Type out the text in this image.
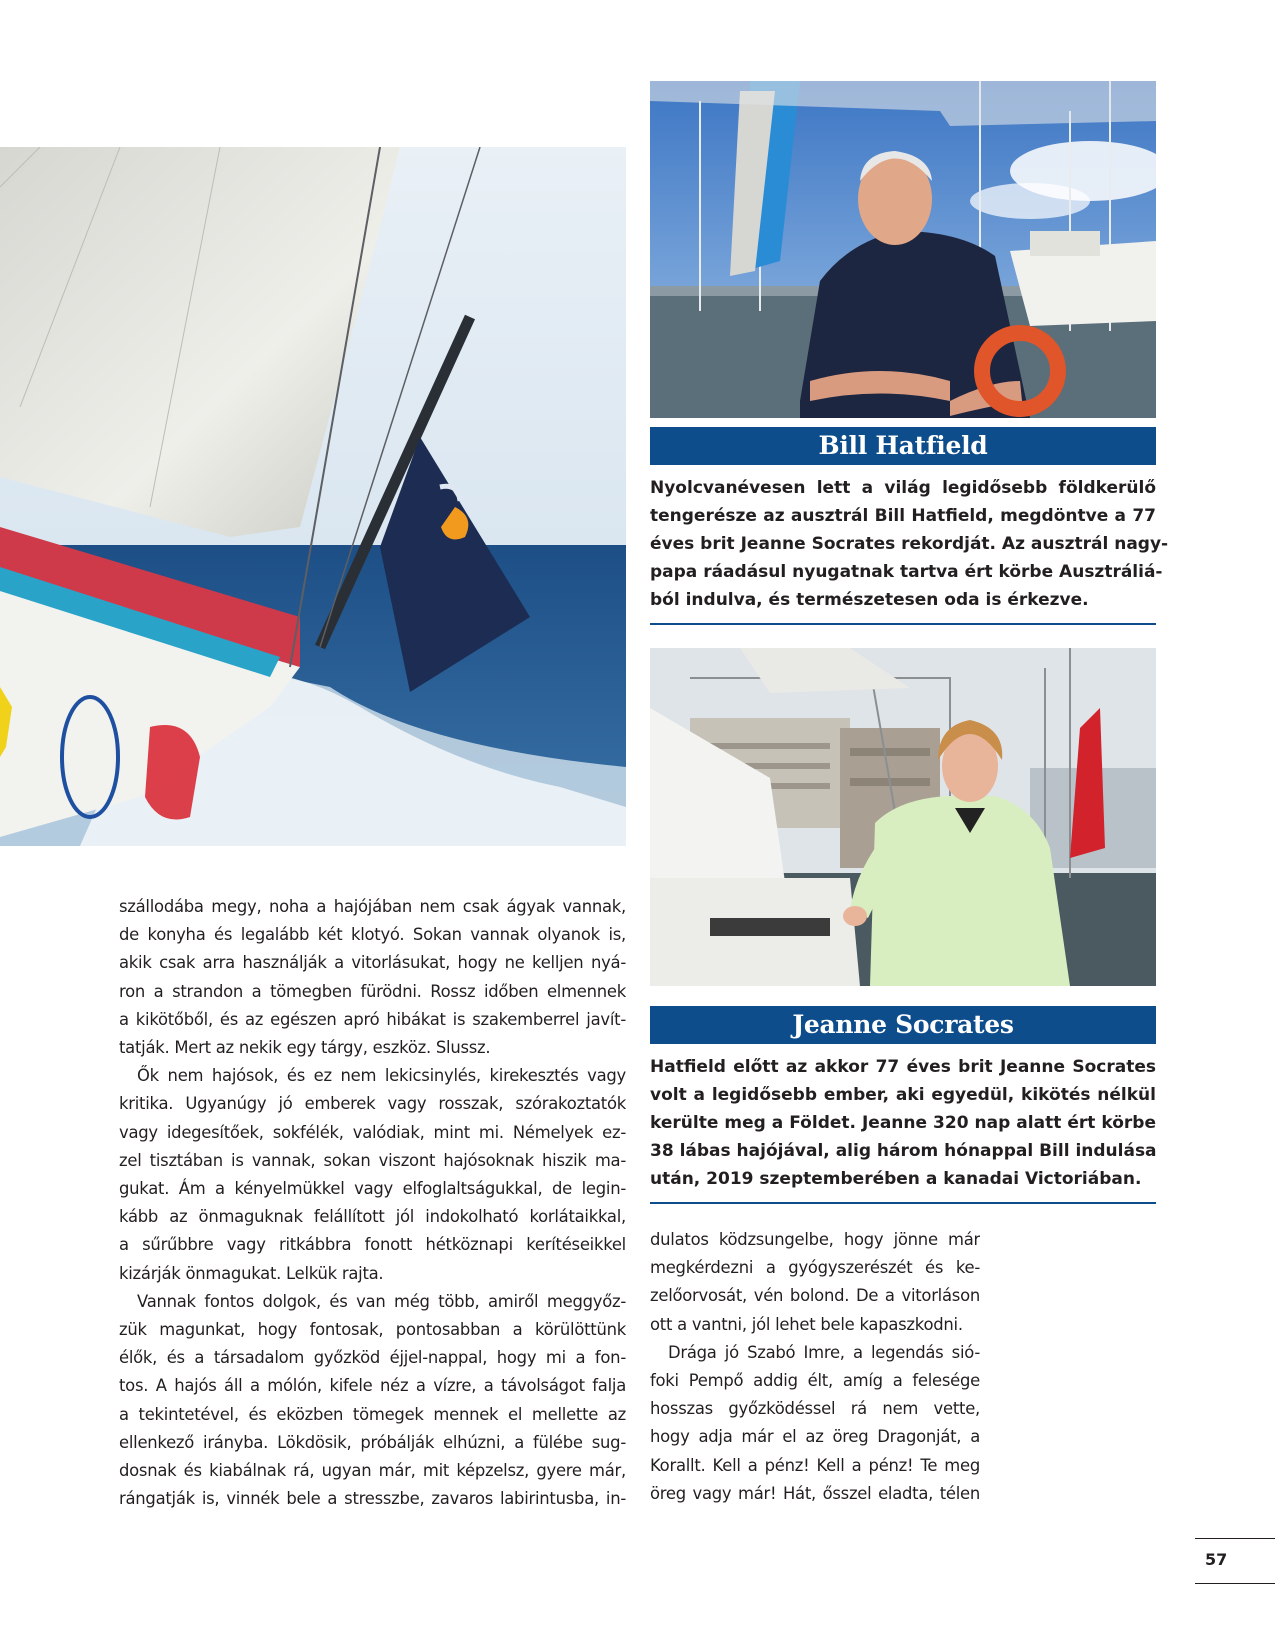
Bill Hatfield
Nyolcvanévesen lett a világ legidősebb földkerülő
tengerésze az ausztrál Bill Hatfield, megdöntve a 77
éves brit Jeanne Socrates rekordját. Az ausztrál nagy-
papa ráadásul nyugatnak tartva ért körbe Ausztráliá-
ból indulva, és természetesen oda is érkezve.
Jeanne Socrates
Hatfield előtt az akkor 77 éves brit Jeanne Socrates
volt a legidősebb ember, aki egyedül, kikötés nélkül
kerülte meg a Földet. Jeanne 320 nap alatt ért körbe
38 lábas hajójával, alig három hónappal Bill indulása
után, 2019 szeptemberében a kanadai Victoriában.
szállodába megy, noha a hajójában nem csak ágyak vannak,
de konyha és legalább két klotyó. Sokan vannak olyanok is,
akik csak arra használják a vitorlásukat, hogy ne kelljen nyá-
ron a strandon a tömegben fürödni. Rossz időben elmennek
a kikötőből, és az egészen apró hibákat is szakemberrel javít-
tatják. Mert az nekik egy tárgy, eszköz. Slussz.
Ők nem hajósok, és ez nem lekicsinylés, kirekesztés vagy
kritika. Ugyanúgy jó emberek vagy rosszak, szórakoztatók
vagy idegesítőek, sokfélék, valódiak, mint mi. Némelyek ez-
zel tisztában is vannak, sokan viszont hajósoknak hiszik ma-
gukat. Ám a kényelmükkel vagy elfoglaltságukkal, de legin-
kább az önmaguknak felállított jól indokolható korlátaikkal,
a sűrűbbre vagy ritkábbra fonott hétköznapi kerítéseikkel
kizárják önmagukat. Lelkük rajta.
Vannak fontos dolgok, és van még több, amiről meggyőz-
zük magunkat, hogy fontosak, pontosabban a körülöttünk
élők, és a társadalom győzköd éjjel-nappal, hogy mi a fon-
tos. A hajós áll a mólón, kifele néz a vízre, a távolságot falja
a tekintetével, és eközben tömegek mennek el mellette az
ellenkező irányba. Lökdösik, próbálják elhúzni, a fülébe sug-
dosnak és kiabálnak rá, ugyan már, mit képzelsz, gyere már,
rángatják is, vinnék bele a stresszbe, zavaros labirintusba, in-
dulatos ködzsungelbe, hogy jönne már
megkérdezni a gyógyszerészét és ke-
zelőorvosát, vén bolond. De a vitorláson
ott a vantni, jól lehet bele kapaszkodni.
Drága jó Szabó Imre, a legendás sió-
foki Pempő addig élt, amíg a felesége
hosszas győzködéssel rá nem vette,
hogy adja már el az öreg Dragonját, a
Korallt. Kell a pénz! Kell a pénz! Te meg
öreg vagy már! Hát, ősszel eladta, télen
57
